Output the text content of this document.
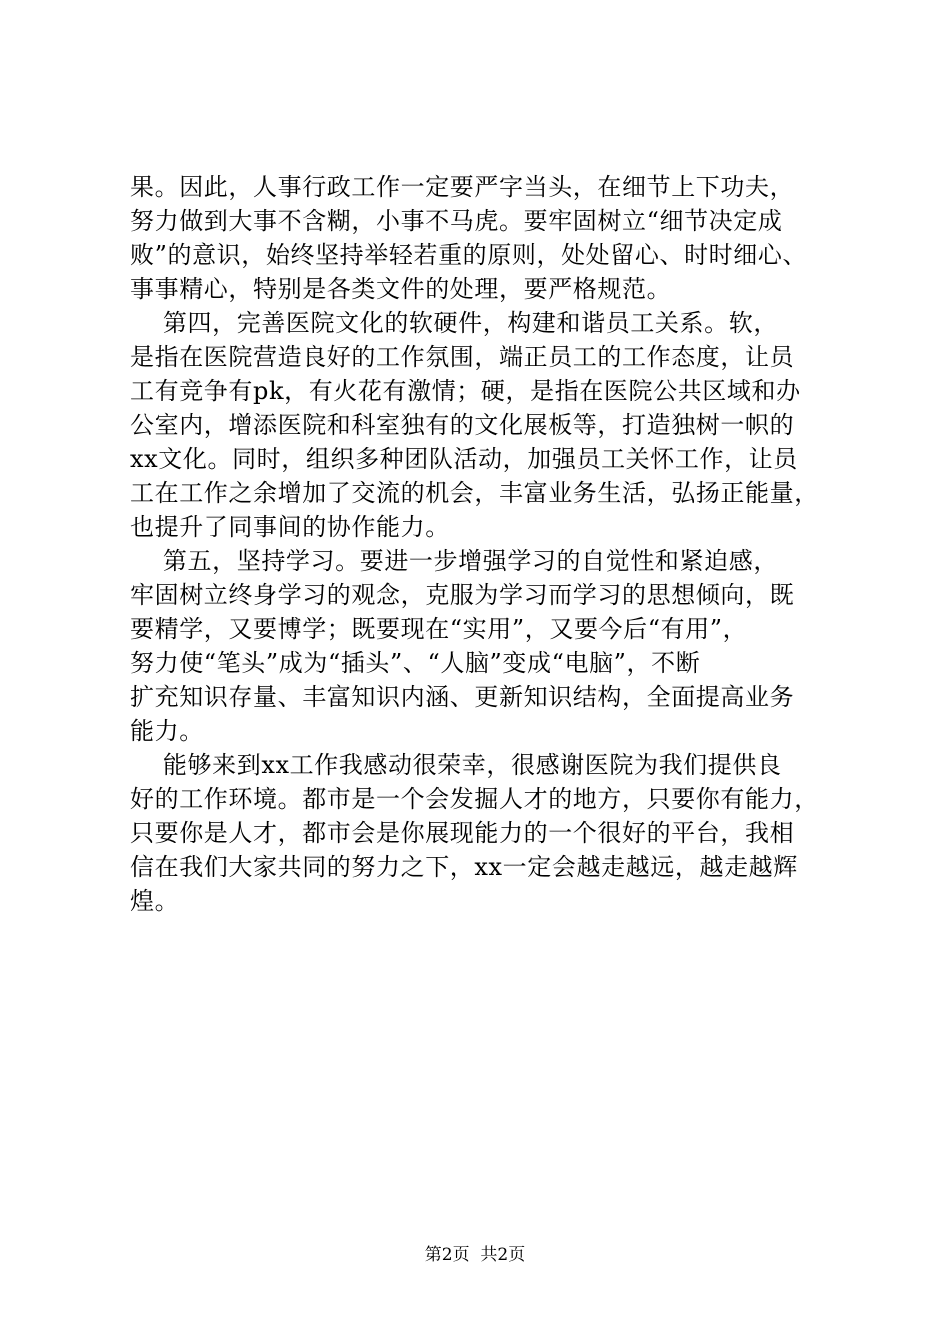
果。因此，人事行政工作一定要严字当头，在细节上下功夫，
努力做到大事不含糊，小事不马虎。要牢固树立“细节决定成
败”的意识，始终坚持举轻若重的原则，处处留心、时时细心、
事事精心，特别是各类文件的处理，要严格规范。
第四，完善医院文化的软硬件，构建和谐员工关系。软，
是指在医院营造良好的工作氛围，端正员工的工作态度，让员
工有竞争有pk，有火花有激情；硬，是指在医院公共区域和办
公室内，增添医院和科室独有的文化展板等，打造独树一帜的
xx文化。同时，组织多种团队活动，加强员工关怀工作，让员
工在工作之余增加了交流的机会，丰富业务生活，弘扬正能量，
也提升了同事间的协作能力。
第五，坚持学习。要进一步增强学习的自觉性和紧迫感，
牢固树立终身学习的观念，克服为学习而学习的思想倾向，既
要精学，又要博学；既要现在“实用”，又要今后“有用”，
努力使“笔头”成为“插头”、“人脑”变成“电脑”，不断
扩充知识存量、丰富知识内涵、更新知识结构，全面提高业务
能力。
能够来到xx工作我感动很荣幸，很感谢医院为我们提供良
好的工作环境。都市是一个会发掘人才的地方，只要你有能力，
只要你是人才，都市会是你展现能力的一个很好的平台，我相
信在我们大家共同的努力之下，xx一定会越走越远，越走越辉
煌。
第2页  共2页
